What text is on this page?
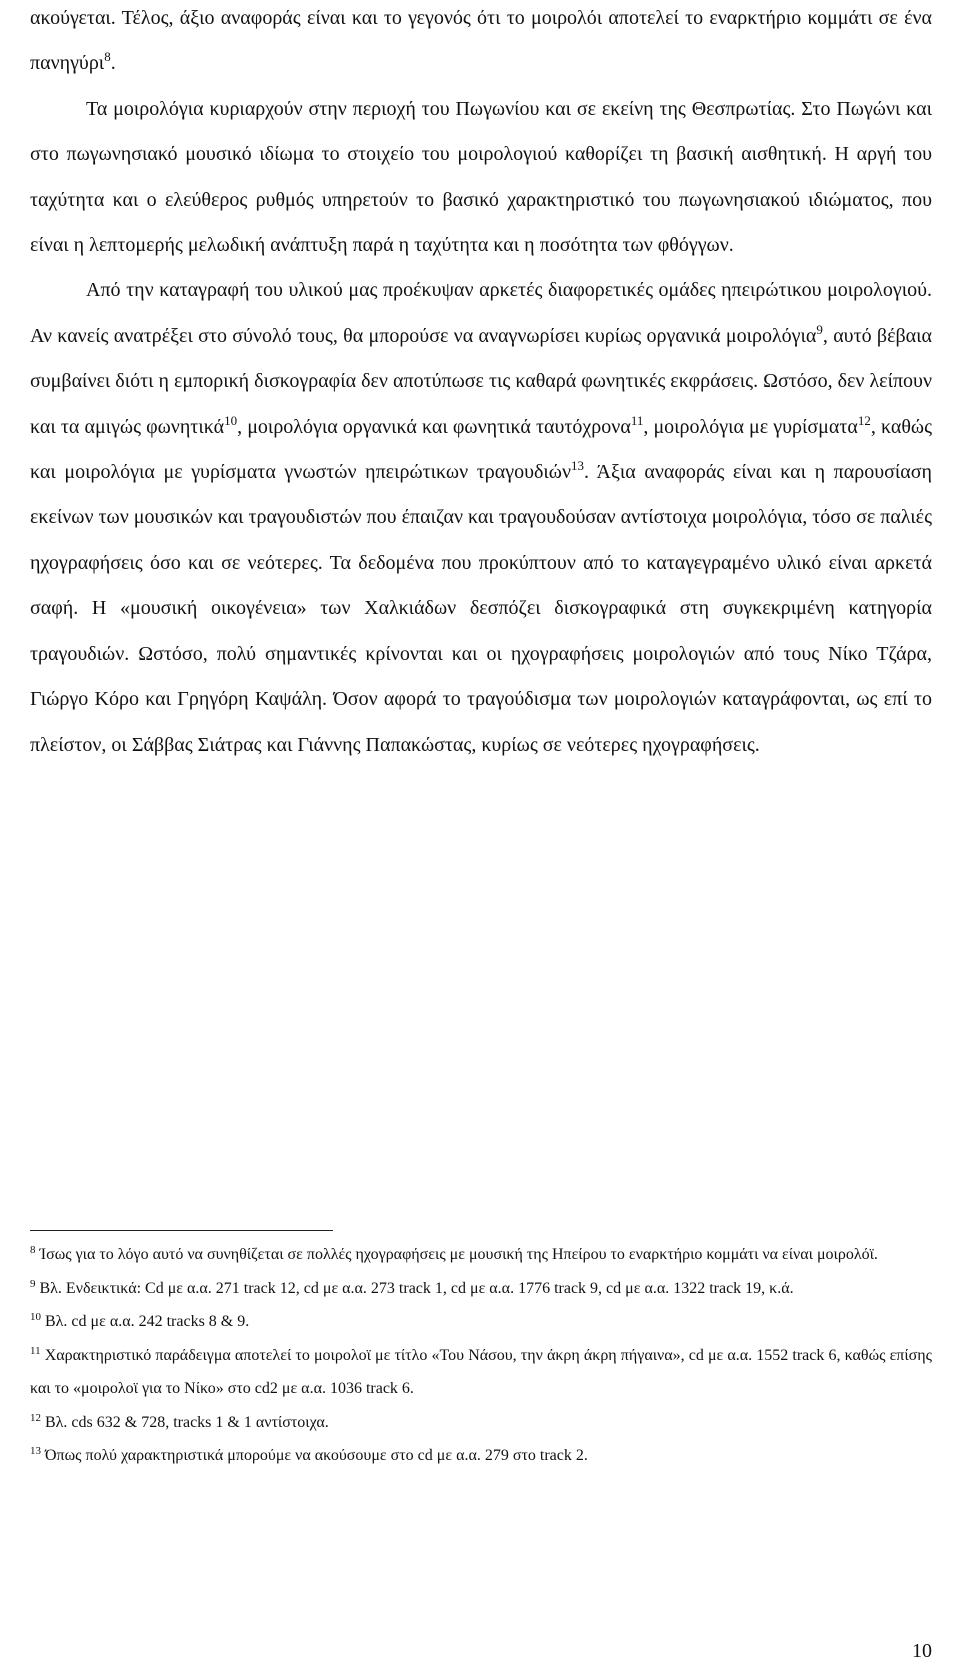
ακούγεται. Τέλος, άξιο αναφοράς είναι και το γεγονός ότι το μοιρολόι αποτελεί το εναρκτήριο κομμάτι σε ένα πανηγύρι$^8$.

Τα μοιρολόγια κυριαρχούν στην περιοχή του Πωγωνίου και σε εκείνη της Θεσπρωτίας. Στο Πωγώνι και στο πωγωνησιακό μουσικό ιδίωμα το στοιχείο του μοιρολογιού καθορίζει τη βασική αισθητική. Η αργή του ταχύτητα και ο ελεύθερος ρυθμός υπηρετούν το βασικό χαρακτηριστικό του πωγωνησιακού ιδιώματος, που είναι η λεπτομερής μελωδική ανάπτυξη παρά η ταχύτητα και η ποσότητα των φθόγγων.

Από την καταγραφή του υλικού μας προέκυψαν αρκετές διαφορετικές ομάδες ηπειρώτικου μοιρολογιού. Αν κανείς ανατρέξει στο σύνολό τους, θα μπορούσε να αναγνωρίσει κυρίως οργανικά μοιρολόγια$^9$, αυτό βέβαια συμβαίνει διότι η εμπορική δισκογραφία δεν αποτύπωσε τις καθαρά φωνητικές εκφράσεις. Ωστόσο, δεν λείπουν και τα αμιγώς φωνητικά$^{10}$, μοιρολόγια οργανικά και φωνητικά ταυτόχρονα$^{11}$, μοιρολόγια με γυρίσματα$^{12}$, καθώς και μοιρολόγια με γυρίσματα γνωστών ηπειρώτικων τραγουδιών$^{13}$. Άξια αναφοράς είναι και η παρουσίαση εκείνων των μουσικών και τραγουδιστών που έπαιζαν και τραγουδούσαν αντίστοιχα μοιρολόγια, τόσο σε παλιές ηχογραφήσεις όσο και σε νεότερες. Τα δεδομένα που προκύπτουν από το καταγεγραμένο υλικό είναι αρκετά σαφή. Η «μουσική οικογένεια» των Χαλκιάδων δεσπόζει δισκογραφικά στη συγκεκριμένη κατηγορία τραγουδιών. Ωστόσο, πολύ σημαντικές κρίνονται και οι ηχογραφήσεις μοιρολογιών από τους Νίκο Τζάρα, Γιώργο Κόρο και Γρηγόρη Καψάλη. Όσον αφορά το τραγούδισμα των μοιρολογιών καταγράφονται, ως επί το πλείστον, οι Σάββας Σιάτρας και Γιάννης Παπακώστας, κυρίως σε νεότερες ηχογραφήσεις.

$^8$ Ίσως για το λόγο αυτό να συνηθίζεται σε πολλές ηχογραφήσεις με μουσική της Ηπείρου το εναρκτήριο κομμάτι να είναι μοιρολόϊ.

$^9$ Βλ. Ενδεικτικά: Cd με α.α. 271 track 12, cd με α.α. 273 track 1, cd με α.α. 1776 track 9, cd με α.α. 1322 track 19, κ.ά.

$^{10}$ Βλ. cd με α.α. 242 tracks 8 & 9.

$^{11}$ Χαρακτηριστικό παράδειγμα αποτελεί το μοιρολοϊ με τίτλο «Του Νάσου, την άκρη άκρη πήγαινα», cd με α.α. 1552 track 6, καθώς επίσης και το «μοιρολοϊ για το Νίκο» στο cd2 με α.α. 1036 track 6.

$^{12}$ Βλ. cds 632 & 728, tracks 1 & 1 αντίστοιχα.

$^{13}$ Όπως πολύ χαρακτηριστικά μπορούμε να ακούσουμε στο cd με α.α. 279 στο track 2.

10
